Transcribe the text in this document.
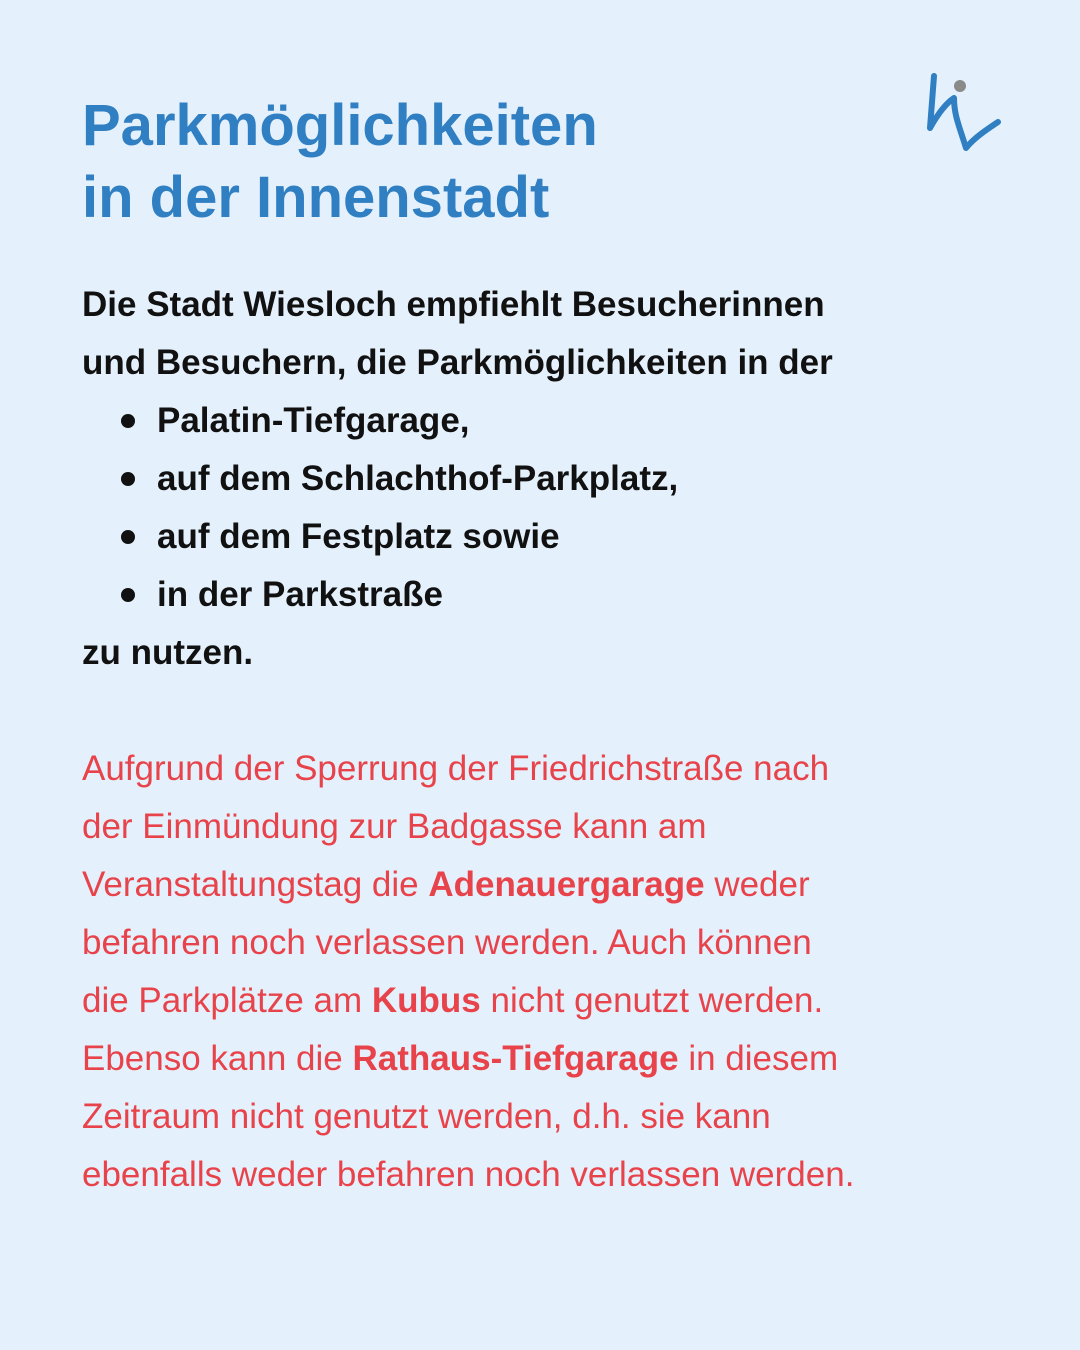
Parkmöglichkeiten
in der Innenstadt
Die Stadt Wiesloch empfiehlt Besucherinnen
und Besuchern, die Parkmöglichkeiten in der
Palatin-Tiefgarage,
auf dem Schlachthof-Parkplatz,
auf dem Festplatz sowie
in der Parkstraße
zu nutzen.
Aufgrund der Sperrung der Friedrichstraße nach
der Einmündung zur Badgasse kann am
Veranstaltungstag die Adenauergarage weder
befahren noch verlassen werden. Auch können
die Parkplätze am Kubus nicht genutzt werden.
Ebenso kann die Rathaus-Tiefgarage in diesem
Zeitraum nicht genutzt werden, d.h. sie kann
ebenfalls weder befahren noch verlassen werden.
